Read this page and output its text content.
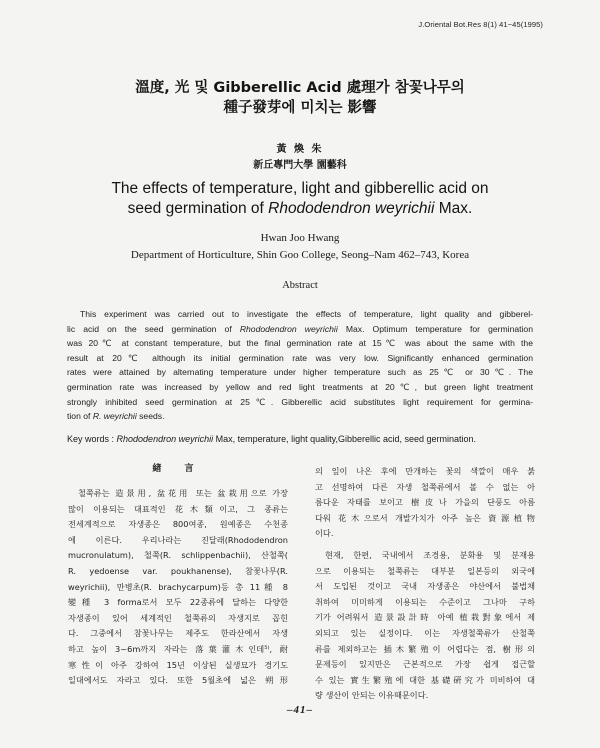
J.Oriental Bot.Res 8(1) 41~45(1995)
溫度, 光 및 Gibberellic Acid 處理가 참꽃나무의
種子發芽에 미치는 影響
黃 煥 朱
新丘專門大學 園藝科
The effects of temperature, light and gibberellic acid on
seed germination of Rhododendron weyrichii Max.
Hwan Joo Hwang
Department of Horticulture, Shin Goo College, Seong–Nam 462–743, Korea
Abstract
This experiment was carried out to investigate the effects of temperature, light quality and gibberel-
lic acid on the seed germination of Rhododendron weyrichii Max. Optimum temperature for germination
was 20℃ at constant temperature, but the final germination rate at 15℃ was about the same with the
result at 20℃ although its initial germination rate was very low. Significantly enhanced germination
rates were attained by alternating temperature under higher temperature such as 25℃ or 30℃. The
germination rate was increased by yellow and red light treatments at 20℃, but green light treatment
strongly inhibited seed germination at 25℃. Gibberellic acid substitutes light requirement for germina-
tion of R. weyrichii seeds.
Key words : Rhododendron weyrichii Max, temperature, light quality,Gibberellic acid, seed germination.
緖 言
철쭉류는 造景用, 盆花用 또는 盆栽用으로 가장
많이 이용되는 대표적인 花木類이고, 그 종류는
전세계적으로 자생종은 800여종, 원예종은 수천종
에 이른다. 우리나라는 진달래(Rhododendron
mucronulatum), 철쭉(R. schlippenbachii), 산철쭉(
R. yedoense var. poukhanense), 참꽃나무(R.
weyrichii), 만병초(R. brachycarpum)등 총 11種 8
變種 3 forma로서 모두 22종류에 달하는 다양한
자생종이 있어 세계적인 철쭉류의 자생지로 꼽힌
다. 그중에서 참꽃나무는 제주도 한라산에서 자생
하고 높이 3~6m까지 자라는 落葉灌木인데⁵⁾, 耐
寒性이 아주 강하여 15년 이상된 실생묘가 경기도
일대에서도 자라고 있다. 또한 5월초에 넓은 朔形
의 잎이 나온 후에 만개하는 꽃의 색깔이 매우 붉
고 선명하여 다른 자생 철쭉류에서 볼 수 없는 아
름다운 자태를 보이고 樹皮나 가을의 단풍도 아름
다워 花木으로서 개발가치가 아주 높은 資源植物
이다.
현재, 한편, 국내에서 조경용, 분화용 및 분재용
으로 이용되는 철쭉류는 대부분 일본등의 외국에
서 도입된 것이고 국내 자생종은 야산에서 불법채
취하여 미미하게 이용되는 수준이고 그나마 구하
기가 어려워서 造景設計時 아예 植栽對象에서 제
외되고 있는 실정이다. 이는 자생철쭉류가 산철쭉
류를 제외하고는 插木繁殖이 어렵다는 점, 樹形의
문제등이 있지만은 근본적으로 가장 쉽게 접근할
수 있는 實生繁殖에 대한 基礎硏究가 미비하여 대
량 생산이 안되는 이유때문이다.
–41–
